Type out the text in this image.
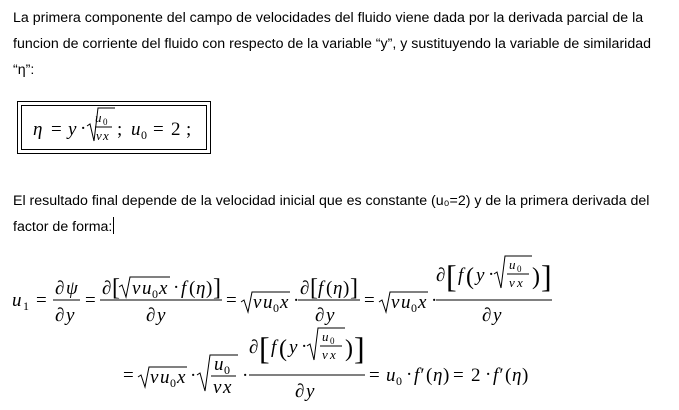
La primera componente del campo de velocidades del fluido viene dada por la derivada parcial de la funcion de corriente del fluido con respecto de la variable “y”, y sustituyendo la variable de similaridad “η”:

El resultado final depende de la velocidad inicial que es constante (u₀=2) y de la primera derivada del factor de forma:

η = y ·
u 0
ν x ; u 0 = 2 ;
u 1 =
∂ ψ
∂ y
=
∂ [ ν u 0 x · f ( η ) ]
∂ y
= ν u 0 x ·
∂ [ f ( η ) ]
∂ y
= ν u 0 x ·
∂ [ f ( y · u 0
ν x ) ]
∂ y
= ν u 0 x ·
u 0
ν x
·
∂ [ f ( y · u 0
ν x ) ]
∂ y
= u 0 · f′ ( η ) = 2 · f′ ( η )
